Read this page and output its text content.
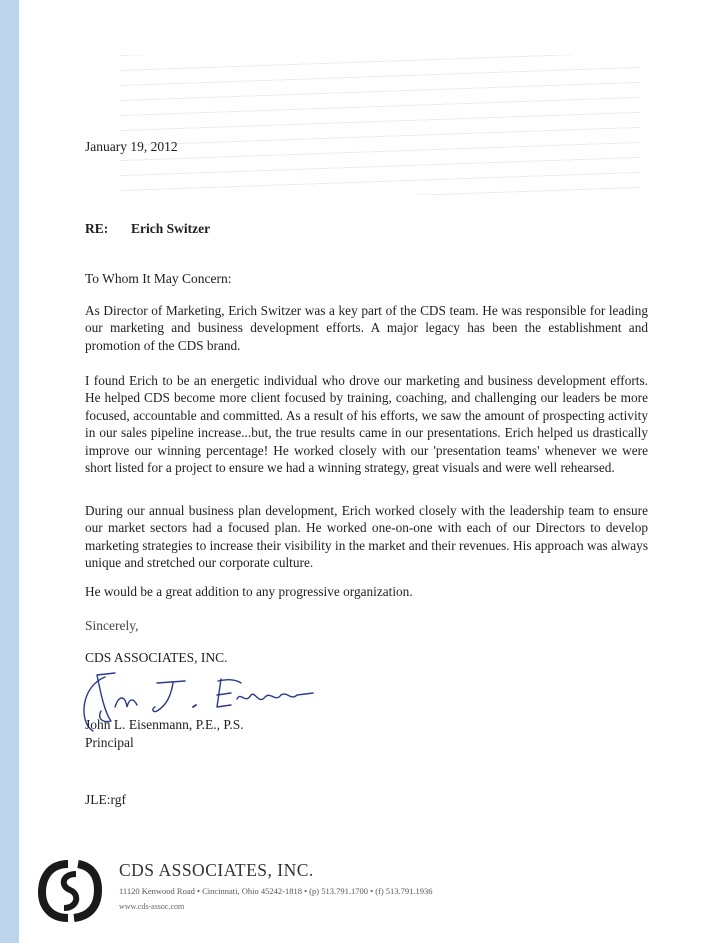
January 19, 2012
RE: Erich Switzer
To Whom It May Concern:

As Director of Marketing, Erich Switzer was a key part of the CDS team. He was responsible for leading our marketing and business development efforts. A major legacy has been the establishment and promotion of the CDS brand.

I found Erich to be an energetic individual who drove our marketing and business development efforts. He helped CDS become more client focused by training, coaching, and challenging our leaders be more focused, accountable and committed. As a result of his efforts, we saw the amount of prospecting activity in our sales pipeline increase...but, the true results came in our presentations. Erich helped us drastically improve our winning percentage! He worked closely with our 'presentation teams' whenever we were short listed for a project to ensure we had a winning strategy, great visuals and were well rehearsed.

During our annual business plan development, Erich worked closely with the leadership team to ensure our market sectors had a focused plan. He worked one-on-one with each of our Directors to develop marketing strategies to increase their visibility in the market and their revenues. His approach was always unique and stretched our corporate culture.

He would be a great addition to any progressive organization.

Sincerely,
CDS ASSOCIATES, INC.
John L. Eisenmann, P.E., P.S.
Principal
JLE:rgf
CDS ASSOCIATES, INC.
11120 Kenwood Road • Cincinnati, Ohio 45242-1818 • (p) 513.791.1700 • (f) 513.791.1936
www.cds-assoc.com
